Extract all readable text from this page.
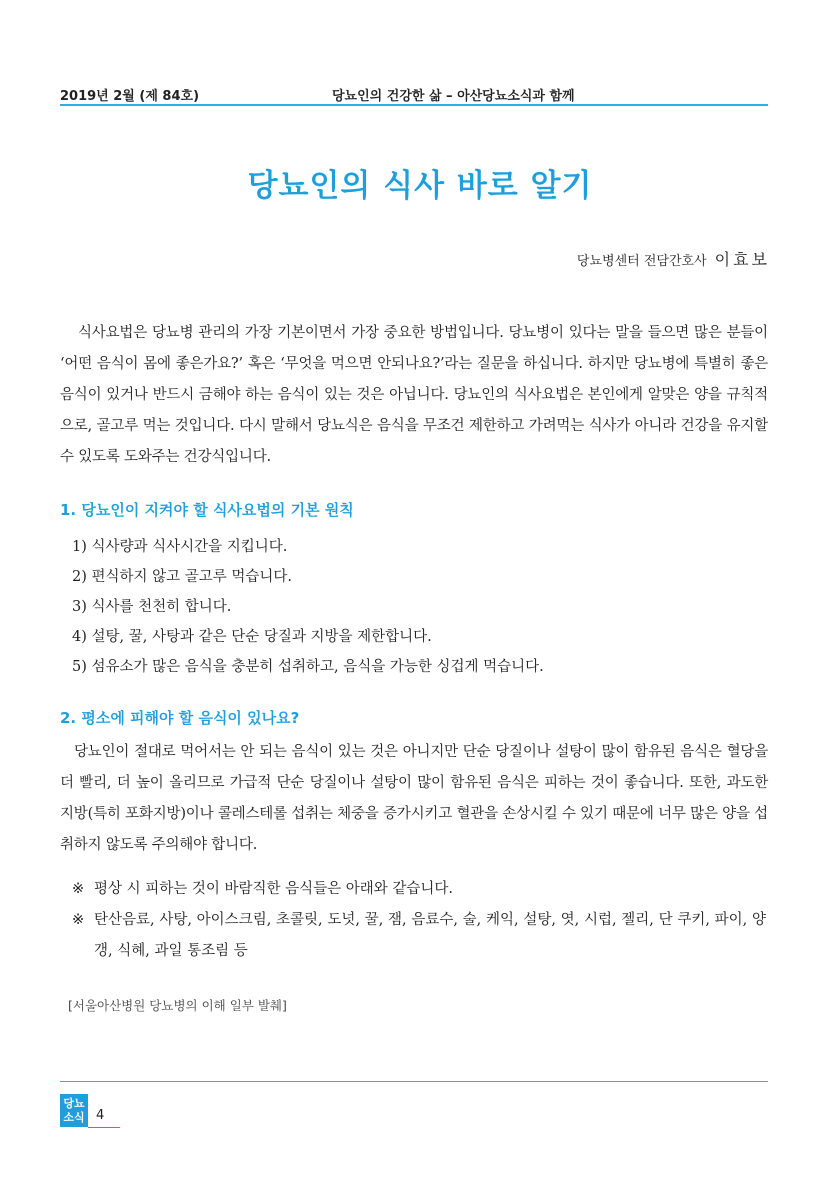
2019년 2월 (제 84호)	당뇨인의 건강한 삶 – 아산당뇨소식과 함께
당뇨인의 식사 바로 알기
당뇨병센터 전담간호사 이효보

식사요법은 당뇨병 관리의 가장 기본이면서 가장 중요한 방법입니다. 당뇨병이 있다는 말을 들으면 많은 분들이 ‘어떤 음식이 몸에 좋은가요?’ 혹은 ‘무엇을 먹으면 안되나요?’라는 질문을 하십니다. 하지만 당뇨병에 특별히 좋은 음식이 있거나 반드시 금해야 하는 음식이 있는 것은 아닙니다. 당뇨인의 식사요법은 본인에게 알맞은 양을 규칙적으로, 골고루 먹는 것입니다. 다시 말해서 당뇨식은 음식을 무조건 제한하고 가려먹는 식사가 아니라 건강을 유지할 수 있도록 도와주는 건강식입니다.

1. 당뇨인이 지켜야 할 식사요법의 기본 원칙
1) 식사량과 식사시간을 지킵니다.
2) 편식하지 않고 골고루 먹습니다.
3) 식사를 천천히 합니다.
4) 설탕, 꿀, 사탕과 같은 단순 당질과 지방을 제한합니다.
5) 섬유소가 많은 음식을 충분히 섭취하고, 음식을 가능한 싱겁게 먹습니다.
2. 평소에 피해야 할 음식이 있나요?

당뇨인이 절대로 먹어서는 안 되는 음식이 있는 것은 아니지만 단순 당질이나 설탕이 많이 함유된 음식은 혈당을 더 빨리, 더 높이 올리므로 가급적 단순 당질이나 설탕이 많이 함유된 음식은 피하는 것이 좋습니다. 또한, 과도한 지방(특히 포화지방)이나 콜레스테롤 섭취는 체중을 증가시키고 혈관을 손상시킬 수 있기 때문에 너무 많은 양을 섭취하지 않도록 주의해야 합니다.

※ 평상 시 피하는 것이 바람직한 음식들은 아래와 같습니다.
※ 탄산음료, 사탕, 아이스크림, 초콜릿, 도넛, 꿀, 잼, 음료수, 술, 케익, 설탕, 엿, 시럽, 젤리, 단 쿠키, 파이, 양갱, 식혜, 과일 통조림 등
[서울아산병원 당뇨병의 이해 일부 발췌]
당뇨
소식 4
